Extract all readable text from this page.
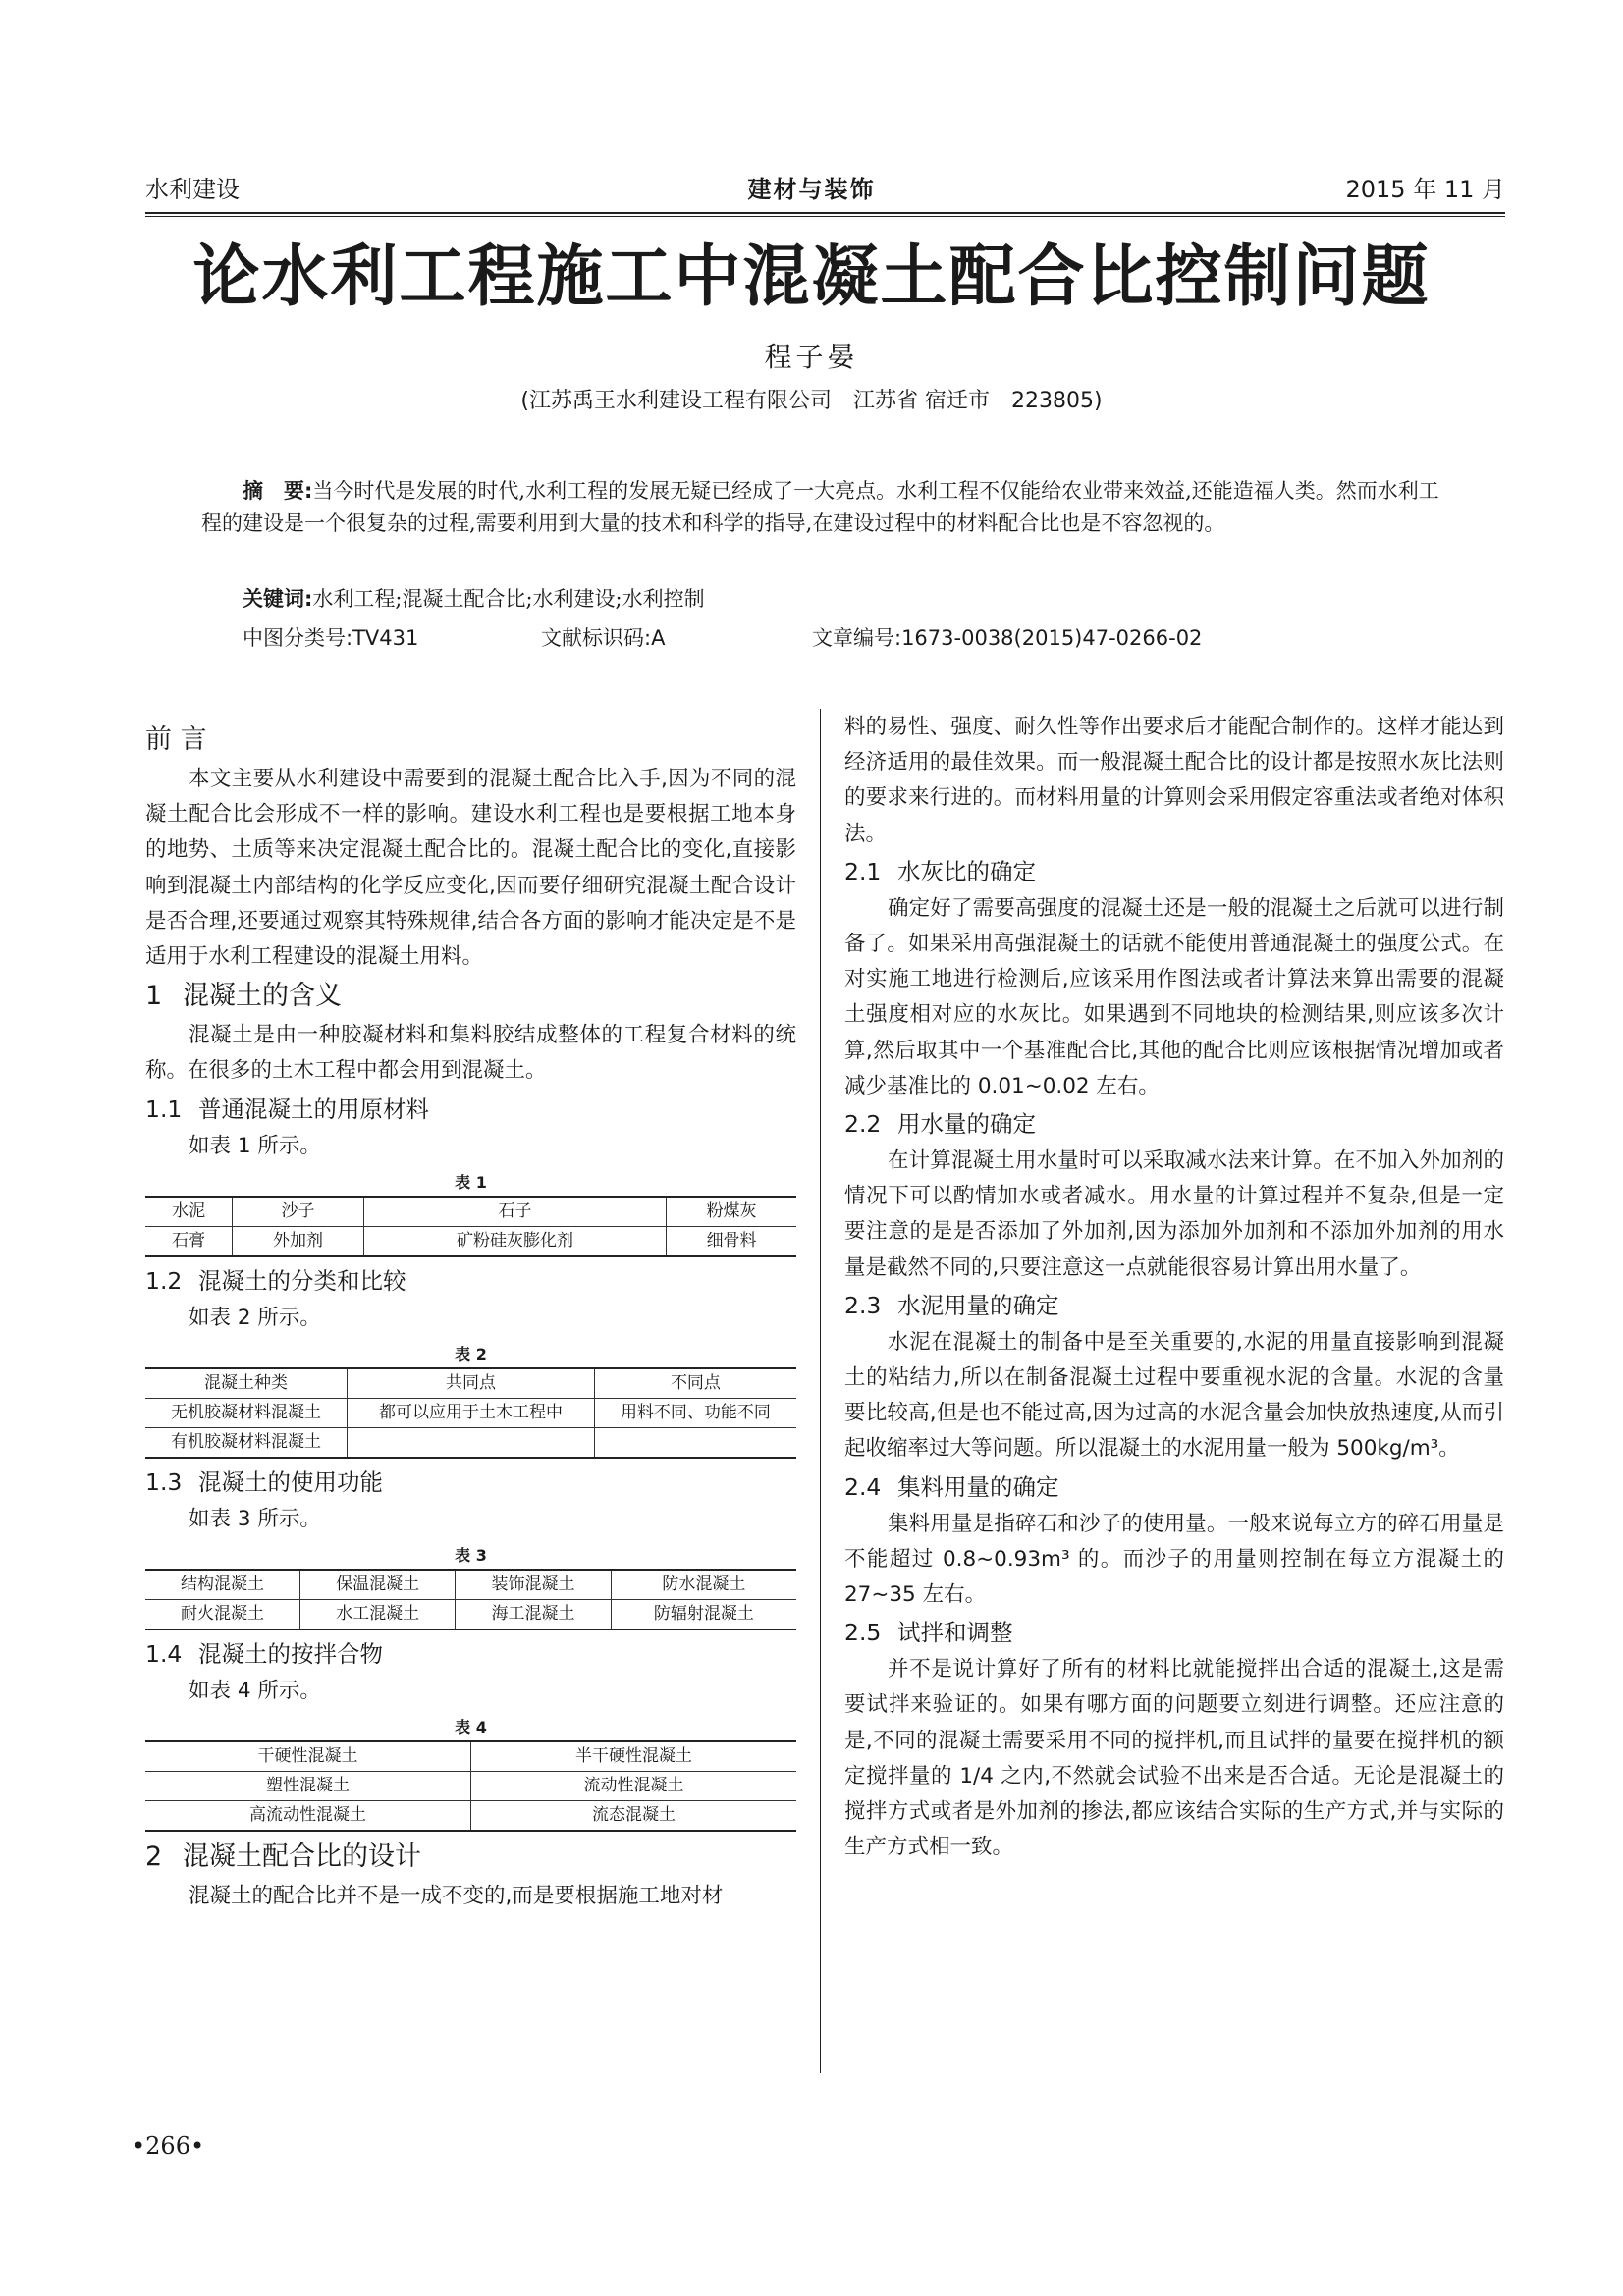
水利建设	建材与装饰	2015 年 11 月
论水利工程施工中混凝土配合比控制问题
程子晏
(江苏禹王水利建设工程有限公司　江苏省 宿迁市　223805)

摘　要:当今时代是发展的时代,水利工程的发展无疑已经成了一大亮点。水利工程不仅能给农业带来效益,还能造福人类。然而水利工程的建设是一个很复杂的过程,需要利用到大量的技术和科学的指导,在建设过程中的材料配合比也是不容忽视的。

关键词:水利工程;混凝土配合比;水利建设;水利控制
中图分类号:TV431	文献标识码:A	文章编号:1673-0038(2015)47-0266-02
前 言

本文主要从水利建设中需要到的混凝土配合比入手,因为不同的混凝土配合比会形成不一样的影响。建设水利工程也是要根据工地本身的地势、土质等来决定混凝土配合比的。混凝土配合比的变化,直接影响到混凝土内部结构的化学反应变化,因而要仔细研究混凝土配合设计是否合理,还要通过观察其特殊规律,结合各方面的影响才能决定是不是适用于水利工程建设的混凝土用料。

1 混凝土的含义

混凝土是由一种胶凝材料和集料胶结成整体的工程复合材料的统称。在很多的土木工程中都会用到混凝土。

1.1 普通混凝土的用原材料

如表 1 所示。

表 1
水泥	沙子	石子	粉煤灰
石膏	外加剂	矿粉硅灰膨化剂	细骨料
1.2 混凝土的分类和比较

如表 2 所示。

表 2
混凝土种类	共同点	不同点
无机胶凝材料混凝土	都可以应用于土木工程中	用料不同、功能不同
有机胶凝材料混凝土		
1.3 混凝土的使用功能

如表 3 所示。

表 3
结构混凝土	保温混凝土	装饰混凝土	防水混凝土
耐火混凝土	水工混凝土	海工混凝土	防辐射混凝土
1.4 混凝土的按拌合物

如表 4 所示。

表 4
干硬性混凝土	半干硬性混凝土
塑性混凝土	流动性混凝土
高流动性混凝土	流态混凝土
2 混凝土配合比的设计

混凝土的配合比并不是一成不变的,而是要根据施工地对材

料的易性、强度、耐久性等作出要求后才能配合制作的。这样才能达到经济适用的最佳效果。而一般混凝土配合比的设计都是按照水灰比法则的要求来行进的。而材料用量的计算则会采用假定容重法或者绝对体积法。

2.1 水灰比的确定

确定好了需要高强度的混凝土还是一般的混凝土之后就可以进行制备了。如果采用高强混凝土的话就不能使用普通混凝土的强度公式。在对实施工地进行检测后,应该采用作图法或者计算法来算出需要的混凝土强度相对应的水灰比。如果遇到不同地块的检测结果,则应该多次计算,然后取其中一个基准配合比,其他的配合比则应该根据情况增加或者减少基准比的 0.01~0.02 左右。

2.2 用水量的确定

在计算混凝土用水量时可以采取减水法来计算。在不加入外加剂的情况下可以酌情加水或者减水。用水量的计算过程并不复杂,但是一定要注意的是是否添加了外加剂,因为添加外加剂和不添加外加剂的用水量是截然不同的,只要注意这一点就能很容易计算出用水量了。

2.3 水泥用量的确定

水泥在混凝土的制备中是至关重要的,水泥的用量直接影响到混凝土的粘结力,所以在制备混凝土过程中要重视水泥的含量。水泥的含量要比较高,但是也不能过高,因为过高的水泥含量会加快放热速度,从而引起收缩率过大等问题。所以混凝土的水泥用量一般为 500kg/m³。

2.4 集料用量的确定

集料用量是指碎石和沙子的使用量。一般来说每立方的碎石用量是不能超过 0.8~0.93m³ 的。而沙子的用量则控制在每立方混凝土的 27~35 左右。

2.5 试拌和调整

并不是说计算好了所有的材料比就能搅拌出合适的混凝土,这是需要试拌来验证的。如果有哪方面的问题要立刻进行调整。还应注意的是,不同的混凝土需要采用不同的搅拌机,而且试拌的量要在搅拌机的额定搅拌量的 1/4 之内,不然就会试验不出来是否合适。无论是混凝土的搅拌方式或者是外加剂的掺法,都应该结合实际的生产方式,并与实际的生产方式相一致。

•266•
